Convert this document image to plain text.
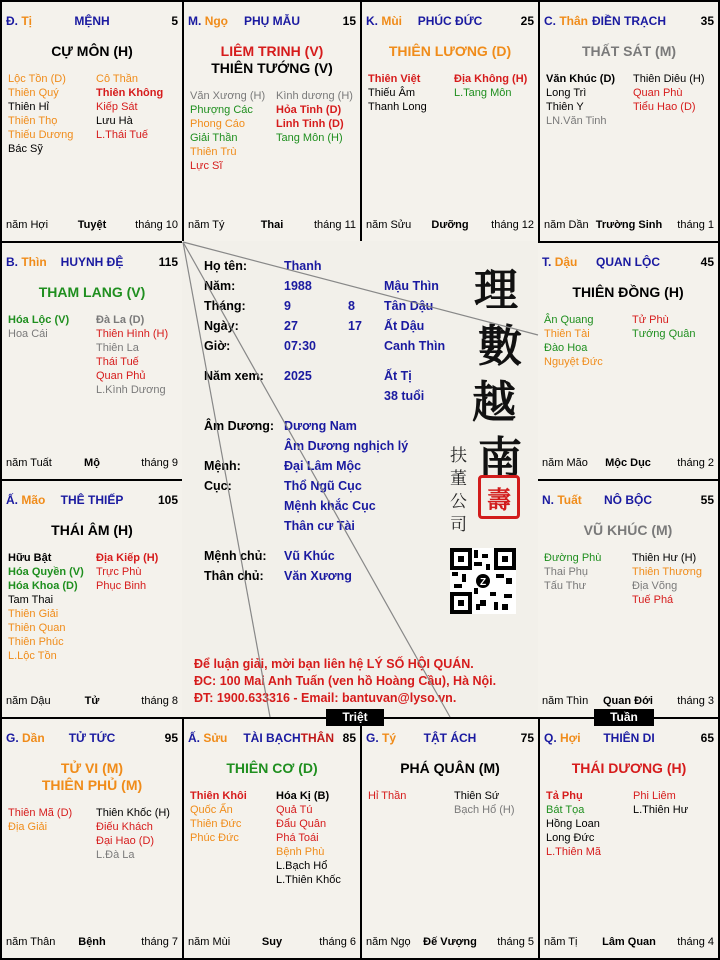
THIÊN DI
Q. Hợi	65
THÁI DƯƠNG (H)
Tả Phụ
Bát Tọa
Hồng Loan
Long Đức
L.Thiên Mã
Phi Liêm
L.Thiên Hư
năm Tị	Lâm Quan	tháng 4
TẬT ÁCH
G. Tý	75
PHÁ QUÂN (M)
Hỉ Thần	Thiên Sứ
Bạch Hổ (H)
năm Ngọ	Đế Vượng	tháng 5
TÀI BẠCH
Ấ. Sửu	85
THÂN
THIÊN CƠ (D)
Thiên Khôi
Quốc Ấn
Thiên Đức
Phúc Đức
Hóa Kị (B)
Quả Tú
Đẩu Quân
Phá Toái
Bệnh Phù
L.Bạch Hổ
L.Thiên Khốc
năm Mùi	Suy	tháng 6
TỬ TỨC
G. Dần	95
TỬ VI (M)
THIÊN PHỦ (M)
Thiên Mã (D)
Địa Giải
Thiên Khốc (H)
Điếu Khách
Đại Hao (D)
L.Đà La
năm Thân	Bệnh	tháng 7
NÔ BỘC
N. Tuất	55
VŨ KHÚC (M)
Đường Phù
Thai Phụ
Tấu Thư
Thiên Hư (H)
Thiên Thương
Địa Võng
Tuế Phá
năm Thìn	Quan Đới	tháng 3
THÊ THIẾP
Ấ. Mão	105
THÁI ÂM (H)
Hữu Bật
Hóa Quyền (V)
Hóa Khoa (D)
Tam Thai
Thiên Giải
Thiên Quan
Thiên Phúc
L.Lộc Tồn
Địa Kiếp (H)
Trực Phù
Phục Binh
năm Dậu	Tử	tháng 8
QUAN LỘC
T. Dậu	45
THIÊN ĐỒNG (H)
Ân Quang
Thiên Tài
Đào Hoa
Nguyệt Đức
Tử Phù
Tướng Quân
năm Mão	Mộc Dục	tháng 2
HUYNH ĐỆ
B. Thìn	115
THAM LANG (V)
Hóa Lộc (V)
Hoa Cái
Đà La (D)
Thiên Hình (H)
Thiên La
Thái Tuế
Quan Phủ
L.Kình Dương
năm Tuất	Mộ	tháng 9
ĐIỀN TRẠCH
C. Thân	35
THẤT SÁT (M)
Văn Khúc (D)
Long Trì
Thiên Y
LN.Văn Tinh
Thiên Diêu (H)
Quan Phù
Tiểu Hao (D)
năm Dần Trường Sinh	tháng 1
PHÚC ĐỨC
K. Mùi	25
THIÊN LƯƠNG (D)
Thiên Việt
Thiếu Âm
Thanh Long
Địa Không (H)
L.Tang Môn
năm Sửu	Dưỡng	tháng 12
PHỤ MẪU
M. Ngọ	15
LIÊM TRINH (V)
THIÊN TƯỚNG (V)
Văn Xương (H)
Phượng Các
Phong Cáo
Giải Thần
Thiên Trù
Lực Sĩ
Kình dương (H)
Hỏa Tinh (D)
Linh Tinh (D)
Tang Môn (H)
năm Tý	Thai	tháng 11
MỆNH
Đ. Tị	5
CỰ MÔN (H)
Lộc Tồn (D)
Thiên Quý
Thiên Hỉ
Thiên Thọ
Thiếu Dương
Bác Sỹ
Cô Thần
Thiên Không
Kiếp Sát
Lưu Hà
L.Thái Tuế
năm Hợi	Tuyệt	tháng 10
理
數
越
南
扶
董
公
司
壽
Z
Họ tên:	Thanh
Năm:	1988	Mậu Thìn
Tháng:	9	8 Tân Dậu
Ngày:	27	17 Ất Dậu
Giờ:	07:30	Canh Thìn
Năm xem: 2025	Ất Tị
38 tuổi
Âm Dương: Dương Nam
Âm Dương nghịch lý
Mệnh:	Đại Lâm Mộc
Cục:	Thổ Ngũ Cục
Mệnh khắc Cục
Thân cư Tài
Mệnh chủ: Vũ Khúc
Thân chủ: Văn Xương
Để luận giải, mời bạn liên hệ LÝ SỐ HỘI QUÁN.
ĐC: 100 Mai Anh Tuấn (ven hồ Hoàng Cầu), Hà Nội.
ĐT: 1900.633316 - Email: bantuvan@lyso.vn.
Triệt	Tuần
